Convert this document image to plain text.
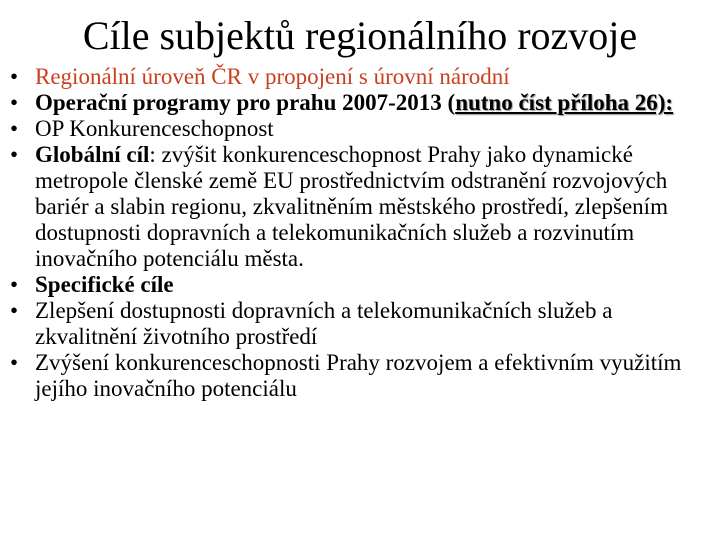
Cíle subjektů regionálního rozvoje
• Regionální úroveň ČR v propojení s úrovní národní
• Operační programy pro prahu 2007-2013 (nutno číst příloha 26):
• OP Konkurenceschopnost
• Globální cíl: zvýšit konkurenceschopnost Prahy jako dynamické metropole členské země EU prostřednictvím odstranění rozvojových bariér a slabin regionu, zkvalitněním městského prostředí, zlepšením dostupnosti dopravních a telekomunikačních služeb a rozvinutím inovačního potenciálu města.
• Specifické cíle
• Zlepšení dostupnosti dopravních a telekomunikačních služeb a zkvalitnění životního prostředí
• Zvýšení konkurenceschopnosti Prahy rozvojem a efektivním využitím jejího inovačního potenciálu
